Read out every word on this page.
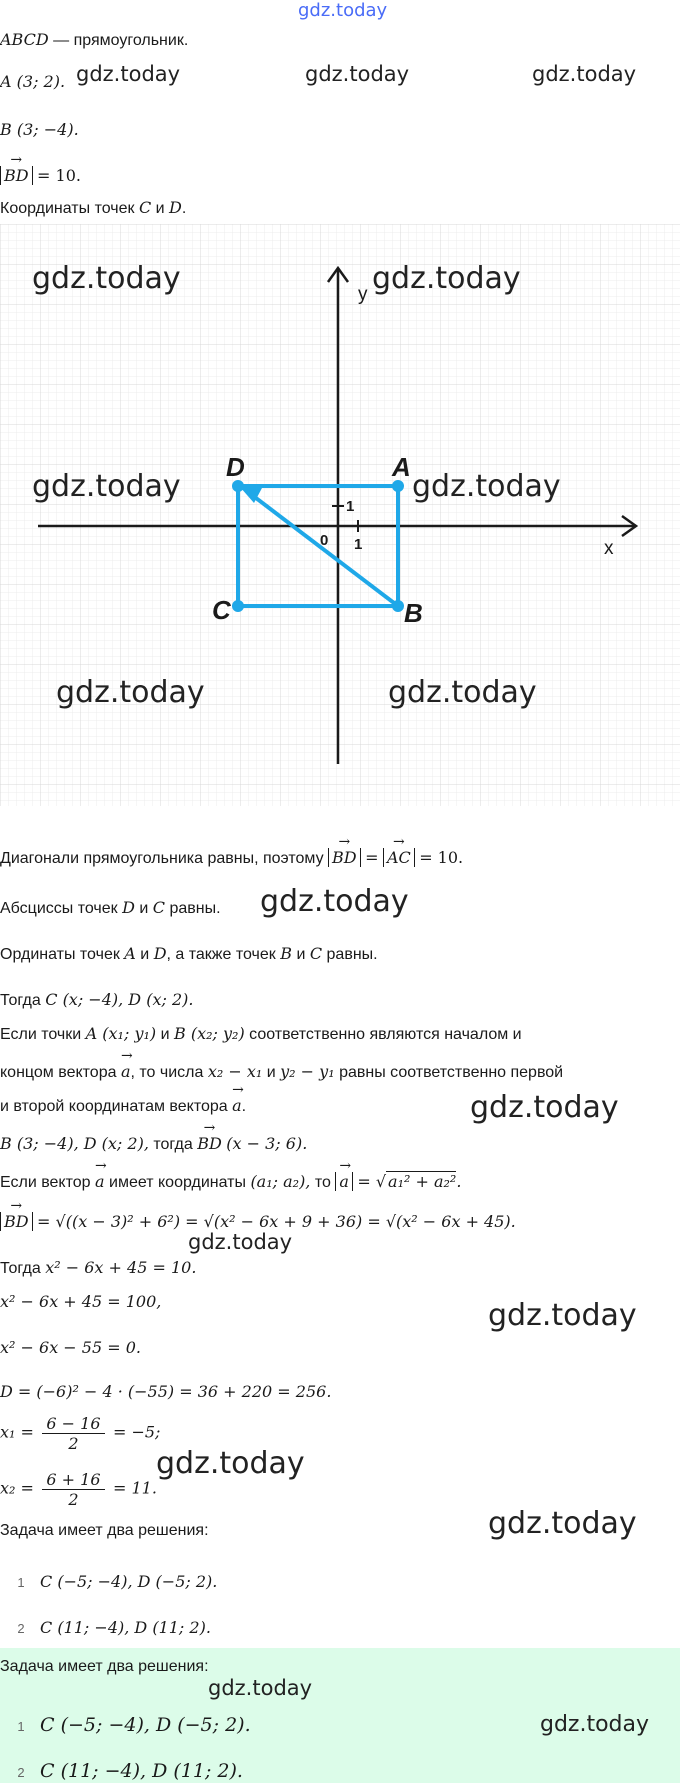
gdz.today
ABCD — прямоугольник.
A (3; 2). gdz.today	gdz.today	gdz.today
B (3; −4).
→ BD = 10.
Координаты точек C и D.
x
y
0 1
1
D	A
C	B
gdz.today	gdz.today
gdz.today	gdz.today
gdz.today	gdz.today
Диагонали прямоугольника равны, поэтому → BD = → AC = 10.
Абсциссы точек D и C равны. gdz.today
Ординаты точек A и D, а также точек B и C равны.
Тогда C (x; −4), D (x; 2).
Если точки A (x₁; y₁) и B (x₂; y₂) соответственно являются началом и
концом вектора → a, то числа x₂ − x₁ и y₂ − y₁ равны соответственно первой
и второй координатам вектора → a.	gdz.today
B (3; −4), D (x; 2), тогда → BD (x − 3; 6).
Если вектор → a имеет координаты (a₁; a₂), то → a = √ a₁² + a₂².
→ BD = √((x − 3)² + 6²) = √(x² − 6x + 9 + 36) = √(x² − 6x + 45).
gdz.today
Тогда x² − 6x + 45 = 10.
x² − 6x + 45 = 100,	gdz.today
x² − 6x − 55 = 0.
D = (−6)² − 4 · (−55) = 36 + 220 = 256.
$x_1 = \frac{6 - 16}{2} = -5$;
gdz.today
$x_2 = \frac{6 + 16}{2} = 11$.
Задача имеет два решения:	gdz.today
1 C (−5; −4), D (−5; 2).
2 C (11; −4), D (11; 2).
Задача имеет два решения:
gdz.today
1 C (−5; −4), D (−5; 2).	gdz.today
2 C (11; −4), D (11; 2).
